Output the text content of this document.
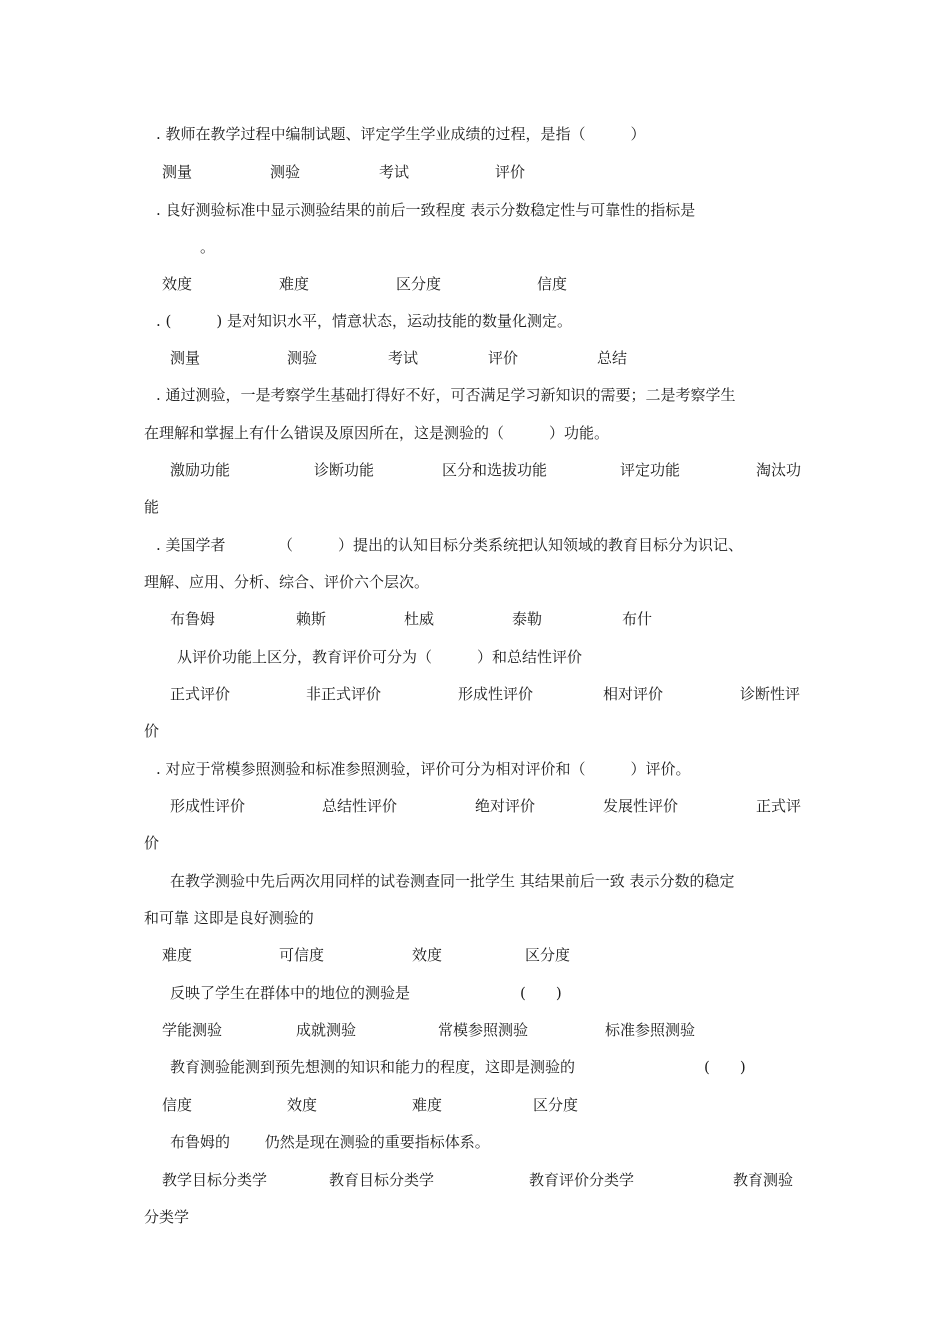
. 教师在教学过程中编制试题、评定学生学业成绩的过程，是指（　　　）
测量	测验	考试	评价
. 良好测验标准中显示测验结果的前后一致程度 表示分数稳定性与可靠性的指标是
。
效度	难度	区分度	信度
. (　　　) 是对知识水平，情意状态，运动技能的数量化测定。
测量	测验	考试	评价	总结
. 通过测验，一是考察学生基础打得好不好，可否满足学习新知识的需要；二是考察学生
在理解和掌握上有什么错误及原因所在，这是测验的（　　　）功能。
激励功能	诊断功能	区分和选拔功能	评定功能	淘汰功
能
. 美国学者　　　　（　　　）提出的认知目标分类系统把认知领域的教育目标分为识记、
理解、应用、分析、综合、评价六个层次。
布鲁姆	赖斯	杜威	泰勒	布什
从评价功能上区分，教育评价可分为（　　　）和总结性评价
正式评价	非正式评价	形成性评价	相对评价	诊断性评
价
. 对应于常模参照测验和标准参照测验，评价可分为相对评价和（　　　）评价。
形成性评价	总结性评价	绝对评价	发展性评价	正式评
价
在教学测验中先后两次用同样的试卷测查同一批学生 其结果前后一致 表示分数的稳定
和可靠 这即是良好测验的
难度	可信度	效度	区分度
反映了学生在群体中的地位的测验是	(　　)
学能测验	成就测验	常模参照测验	标准参照测验
教育测验能测到预先想测的知识和能力的程度，这即是测验的	(　　)
信度	效度	难度	区分度
布鲁姆的　　 仍然是现在测验的重要指标体系。
教学目标分类学	教育目标分类学	教育评价分类学	教育测验
分类学
